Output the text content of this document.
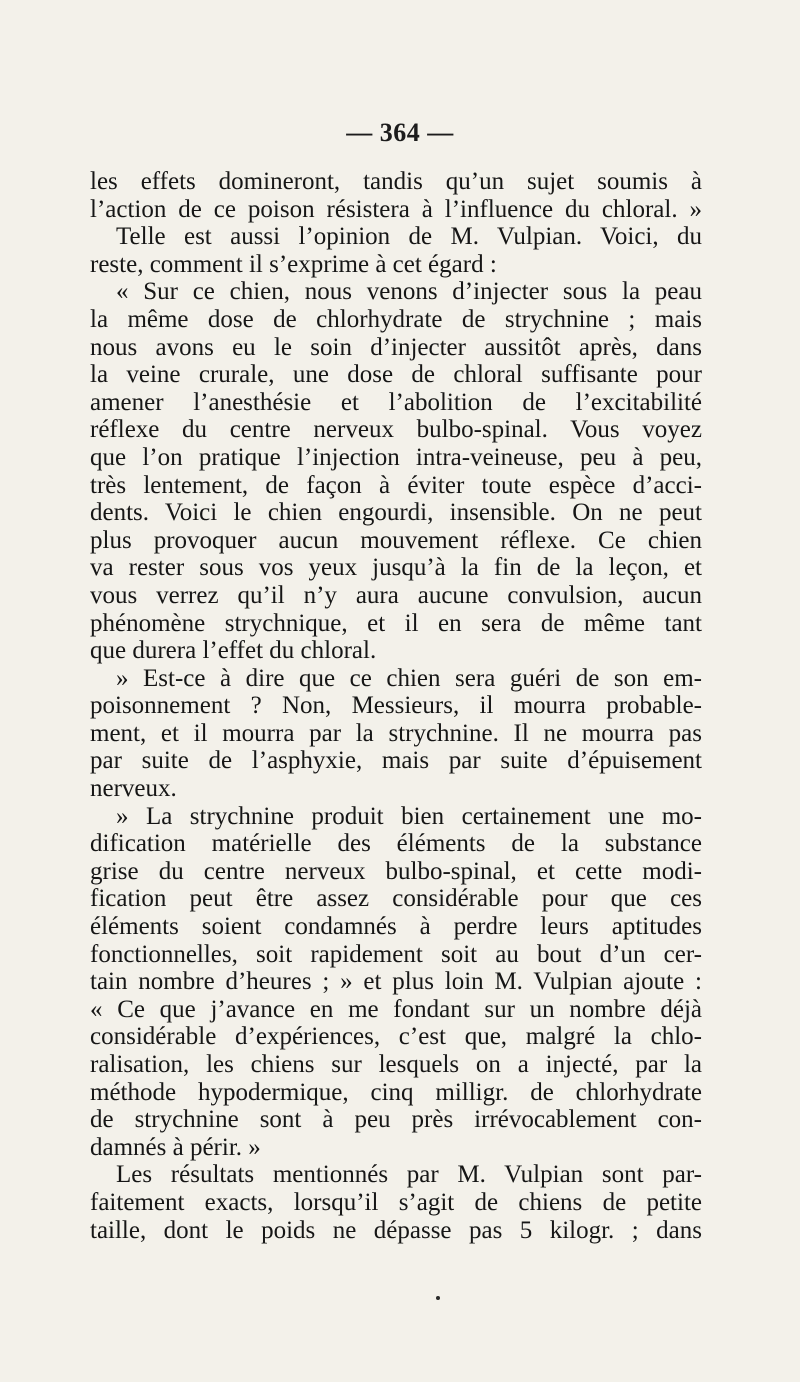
— 364 —
les effets domineront, tandis qu’un sujet soumis à
l’action de ce poison résistera à l’influence du chloral. »
Telle est aussi l’opinion de M. Vulpian. Voici, du
reste, comment il s’exprime à cet égard :
« Sur ce chien, nous venons d’injecter sous la peau
la même dose de chlorhydrate de strychnine ; mais
nous avons eu le soin d’injecter aussitôt après, dans
la veine crurale, une dose de chloral suffisante pour
amener l’anesthésie et l’abolition de l’excitabilité
réflexe du centre nerveux bulbo-spinal. Vous voyez
que l’on pratique l’injection intra-veineuse, peu à peu,
très lentement, de façon à éviter toute espèce d’acci-
dents. Voici le chien engourdi, insensible. On ne peut
plus provoquer aucun mouvement réflexe. Ce chien
va rester sous vos yeux jusqu’à la fin de la leçon, et
vous verrez qu’il n’y aura aucune convulsion, aucun
phénomène strychnique, et il en sera de même tant
que durera l’effet du chloral.
» Est-ce à dire que ce chien sera guéri de son em-
poisonnement ? Non, Messieurs, il mourra probable-
ment, et il mourra par la strychnine. Il ne mourra pas
par suite de l’asphyxie, mais par suite d’épuisement
nerveux.
» La strychnine produit bien certainement une mo-
dification matérielle des éléments de la substance
grise du centre nerveux bulbo-spinal, et cette modi-
fication peut être assez considérable pour que ces
éléments soient condamnés à perdre leurs aptitudes
fonctionnelles, soit rapidement soit au bout d’un cer-
tain nombre d’heures ; » et plus loin M. Vulpian ajoute :
« Ce que j’avance en me fondant sur un nombre déjà
considérable d’expériences, c’est que, malgré la chlo-
ralisation, les chiens sur lesquels on a injecté, par la
méthode hypodermique, cinq milligr. de chlorhydrate
de strychnine sont à peu près irrévocablement con-
damnés à périr. »
Les résultats mentionnés par M. Vulpian sont par-
faitement exacts, lorsqu’il s’agit de chiens de petite
taille, dont le poids ne dépasse pas 5 kilogr. ; dans
